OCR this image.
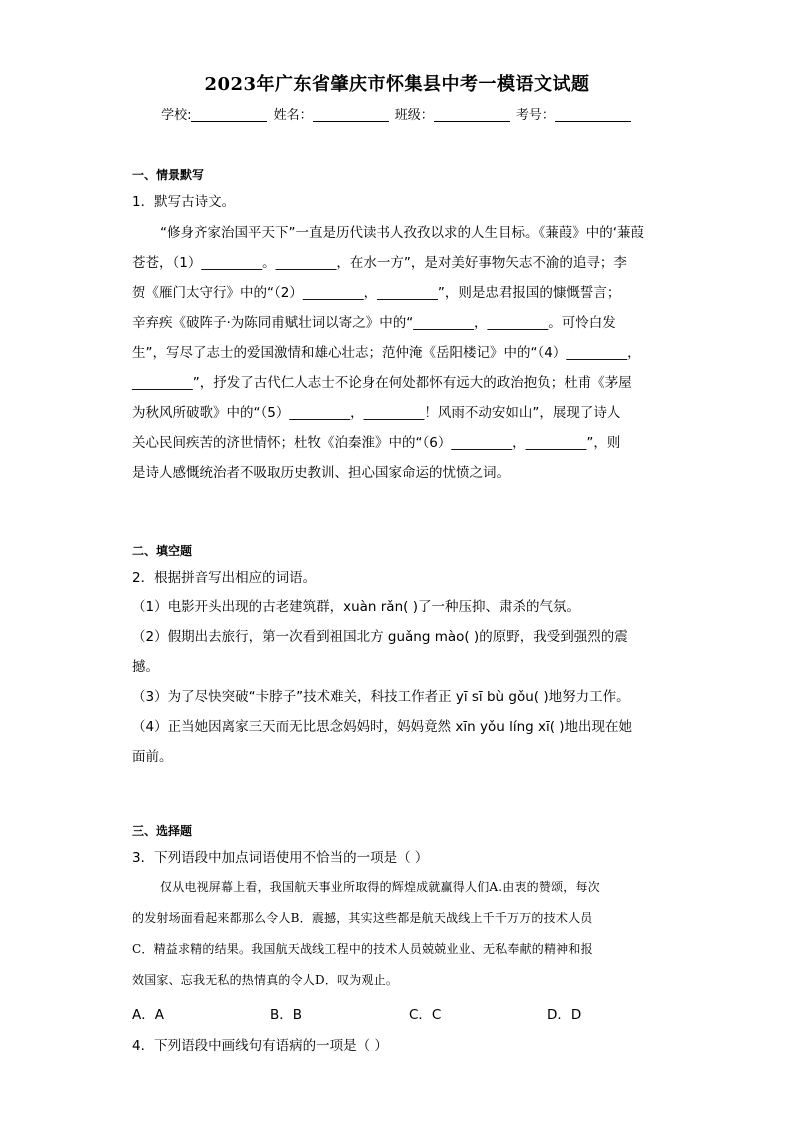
2023年广东省肇庆市怀集县中考一模语文试题
学校:	姓名：	班级：	考号：
一、情景默写
1．默写古诗文。
“修身齐家治国平天下”一直是历代读书人孜孜以求的人生目标。《蒹葭》中的‘蒹葭
苍苍，（1）_________。_________，在水一方”，是对美好事物矢志不渝的追寻；李
贺《雁门太守行》中的“（2）_________，_________”，则是忠君报国的慷慨誓言；
辛弃疾《破阵子·为陈同甫赋壮词以寄之》中的“_________，_________。可怜白发
生”，写尽了志士的爱国激情和雄心壮志；范仲淹《岳阳楼记》中的“（4）_________，
_________”，抒发了古代仁人志士不论身在何处都怀有远大的政治抱负；杜甫《茅屋
为秋风所破歌》中的“（5）_________，_________！风雨不动安如山”，展现了诗人
关心民间疾苦的济世情怀；杜牧《泊秦淮》中的“（6）_________，_________”，则
是诗人感慨统治者不吸取历史教训、担心国家命运的忧愤之词。
二、填空题
2．根据拼音写出相应的词语。
（1）电影开头出现的古老建筑群，xuàn rǎn( )了一种压抑、肃杀的气氛。
（2）假期出去旅行，第一次看到祖国北方 guǎng mào( )的原野，我受到强烈的震
撼。
（3）为了尽快突破“卡脖子”技术难关，科技工作者正 yī sī bù gǒu( )地努力工作。
（4）正当她因离家三天而无比思念妈妈时，妈妈竟然 xīn yǒu líng xī( )地出现在她
面前。
三、选择题
3．下列语段中加点词语使用不恰当的一项是（ ）
仅从电视屏幕上看，我国航天事业所取得的辉煌成就赢得人们A.由衷的赞颂，每次
的发射场面看起来都那么令人B．震撼，其实这些都是航天战线上千千万万的技术人员
C．精益求精的结果。我国航天战线工程中的技术人员兢兢业业、无私奉献的精神和报
效国家、忘我无私的热情真的令人D．叹为观止。
A．A	B．B	C．C	D．D
4．下列语段中画线句有语病的一项是（ ）
